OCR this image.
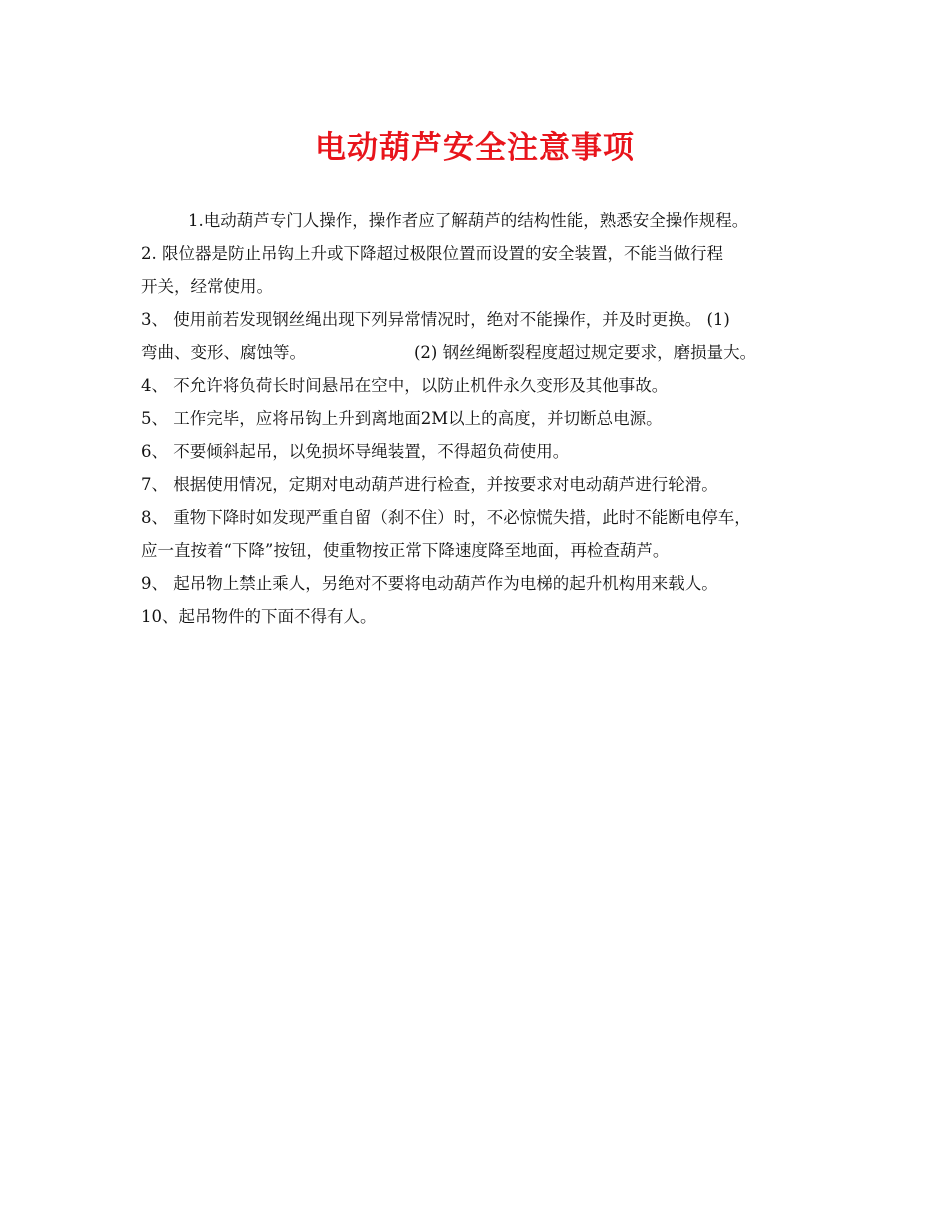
电动葫芦安全注意事项
1.电动葫芦专门人操作，操作者应了解葫芦的结构性能，熟悉安全操作规程。
2. 限位器是防止吊钩上升或下降超过极限位置而设置的安全装置，不能当做行程
开关，经常使用。
3、 使用前若发现钢丝绳出现下列异常情况时，绝对不能操作，并及时更换。 (1)
弯曲、变形、腐蚀等。	(2) 钢丝绳断裂程度超过规定要求，磨损量大。
4、 不允许将负荷长时间悬吊在空中，以防止机件永久变形及其他事故。
5、 工作完毕，应将吊钩上升到离地面2M以上的高度，并切断总电源。
6、 不要倾斜起吊，以免损坏导绳装置，不得超负荷使用。
7、 根据使用情况，定期对电动葫芦进行检查，并按要求对电动葫芦进行轮滑。
8、 重物下降时如发现严重自留（刹不住）时，不必惊慌失措，此时不能断电停车，
应一直按着“下降”按钮，使重物按正常下降速度降至地面，再检查葫芦。
9、 起吊物上禁止乘人，另绝对不要将电动葫芦作为电梯的起升机构用来载人。
10、起吊物件的下面不得有人。
